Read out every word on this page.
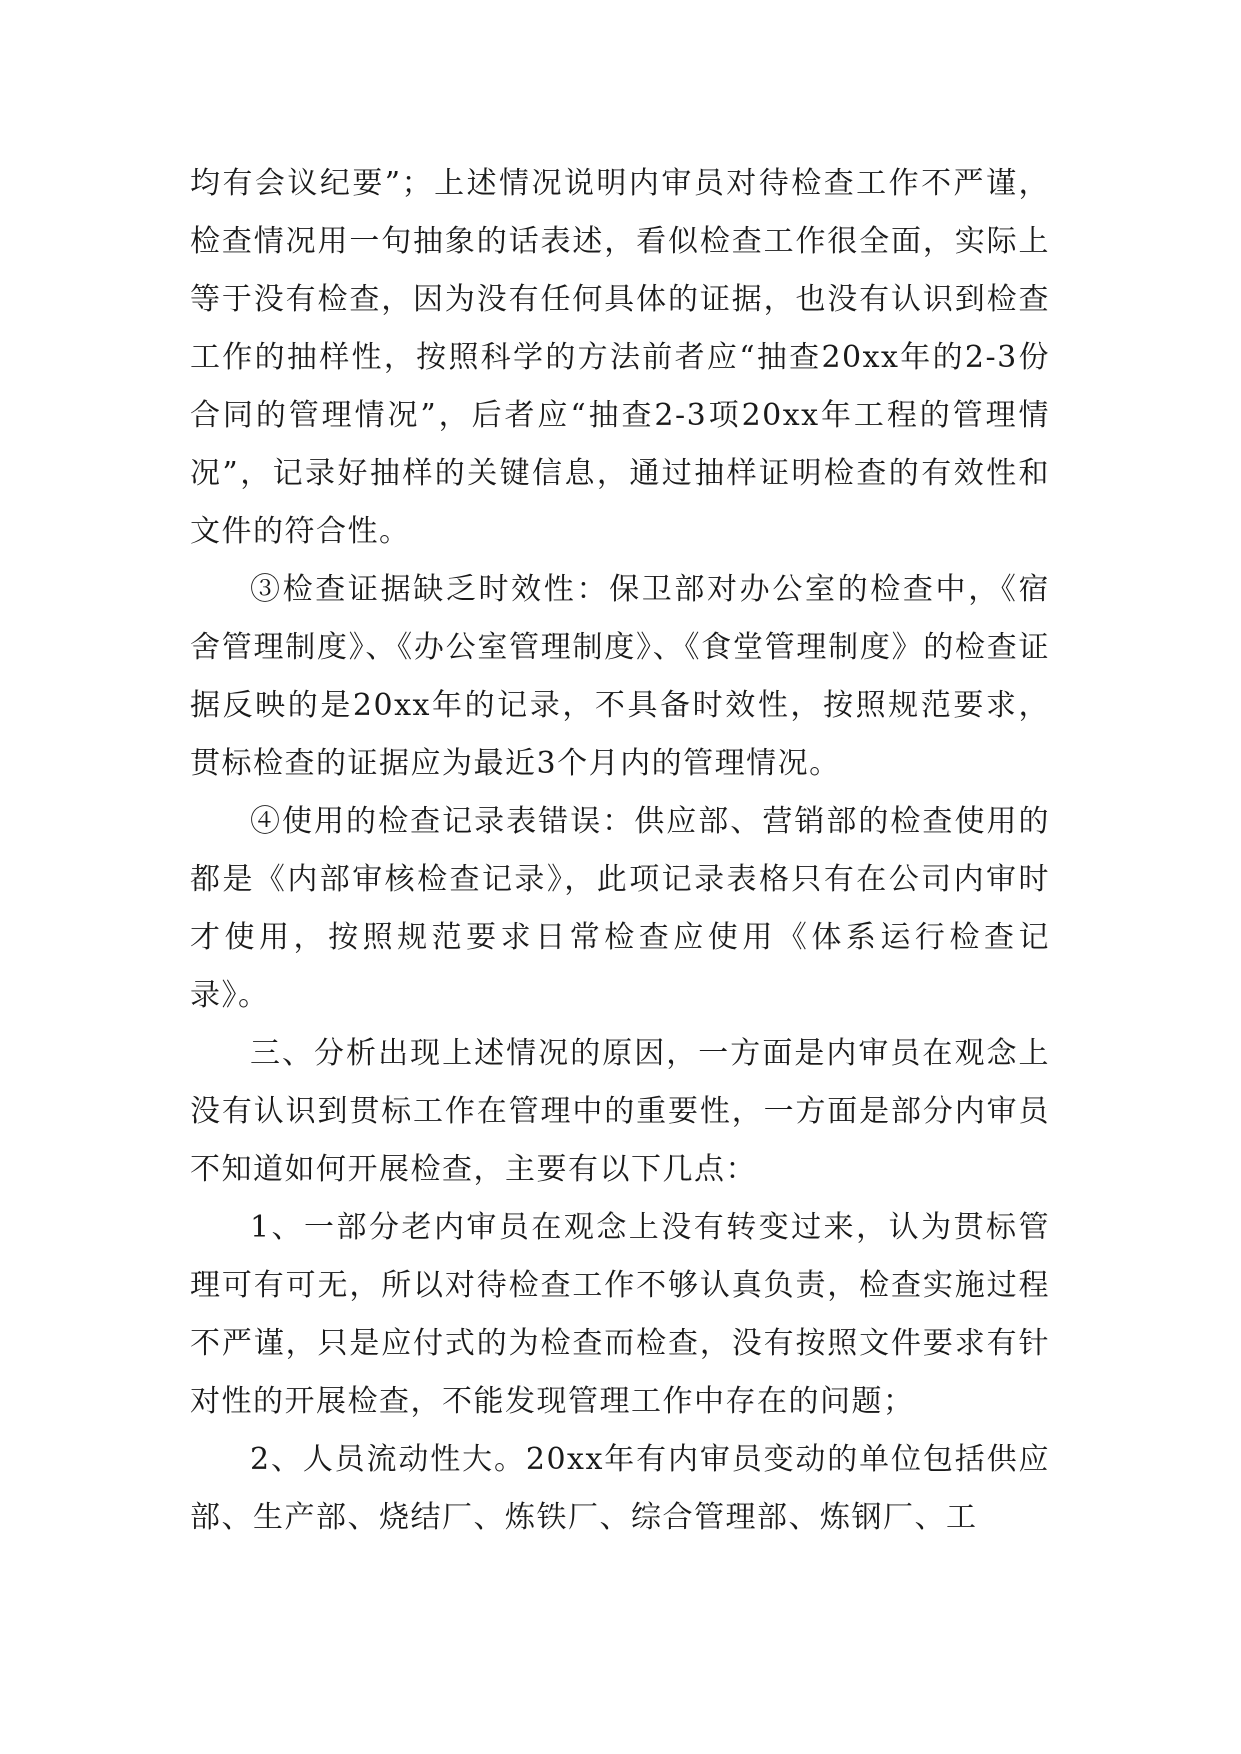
均有会议纪要”；上述情况说明内审员对待检查工作不严谨，检查情况用一句抽象的话表述，看似检查工作很全面，实际上等于没有检查，因为没有任何具体的证据，也没有认识到检查工作的抽样性，按照科学的方法前者应“抽查20xx年的2-3份合同的管理情况”，后者应“抽查2-3项20xx年工程的管理情况”，记录好抽样的关键信息，通过抽样证明检查的有效性和文件的符合性。

③检查证据缺乏时效性：保卫部对办公室的检查中，《宿舍管理制度》、《办公室管理制度》、《食堂管理制度》的检查证据反映的是20xx年的记录，不具备时效性，按照规范要求，贯标检查的证据应为最近3个月内的管理情况。

④使用的检查记录表错误：供应部、营销部的检查使用的都是《内部审核检查记录》，此项记录表格只有在公司内审时才使用，按照规范要求日常检查应使用《体系运行检查记录》。

三、分析出现上述情况的原因，一方面是内审员在观念上没有认识到贯标工作在管理中的重要性，一方面是部分内审员不知道如何开展检查，主要有以下几点：

1、一部分老内审员在观念上没有转变过来，认为贯标管理可有可无，所以对待检查工作不够认真负责，检查实施过程不严谨，只是应付式的为检查而检查，没有按照文件要求有针对性的开展检查，不能发现管理工作中存在的问题；

2、人员流动性大。20xx年有内审员变动的单位包括供应部、生产部、烧结厂、炼铁厂、综合管理部、炼钢厂、工
